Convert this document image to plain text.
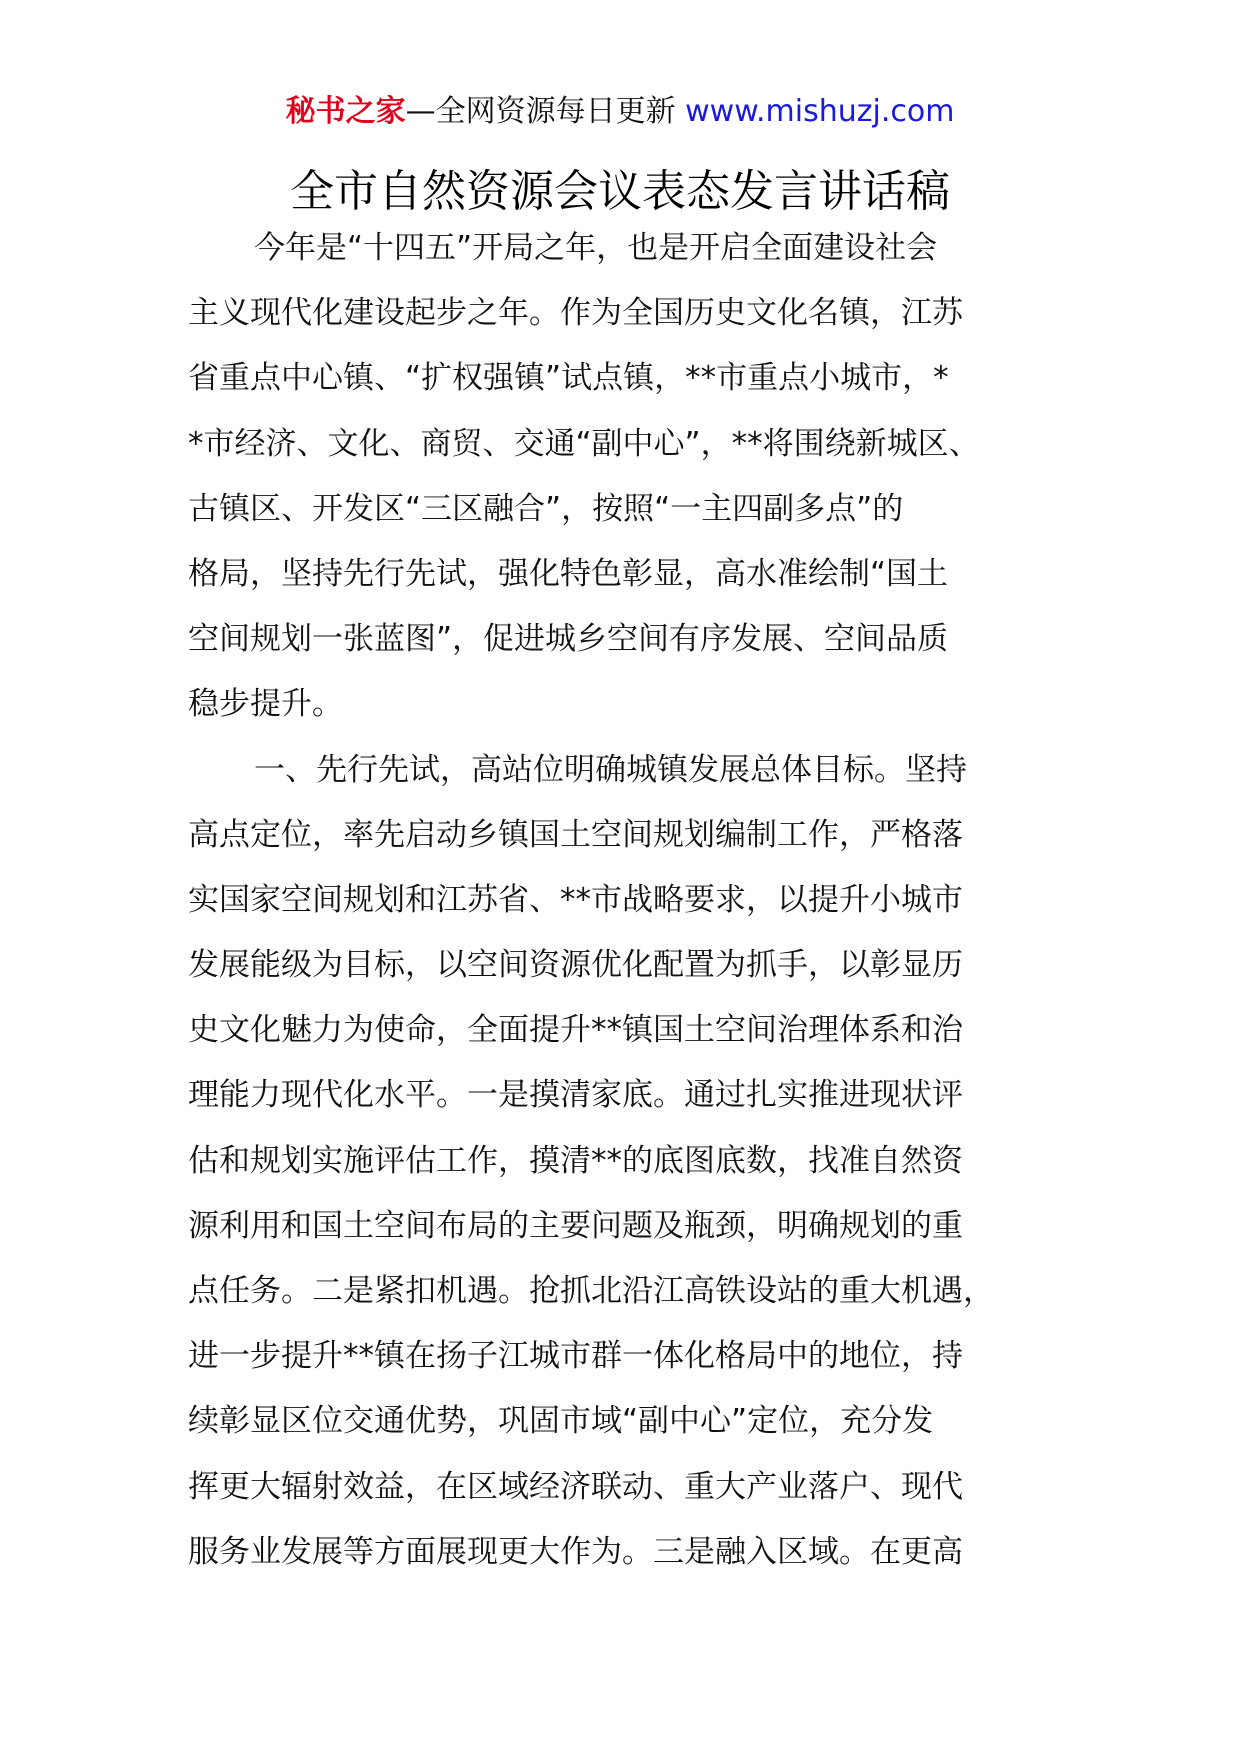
秘书之家—全网资源每日更新 www.mishuzj.com
全市自然资源会议表态发言讲话稿
今年是“十四五”开局之年，也是开启全面建设社会
主义现代化建设起步之年。作为全国历史文化名镇，江苏
省重点中心镇、“扩权强镇”试点镇，**市重点小城市，*
*市经济、文化、商贸、交通“副中心”，**将围绕新城区、
古镇区、开发区“三区融合”，按照“一主四副多点”的
格局，坚持先行先试，强化特色彰显，高水准绘制“国土
空间规划一张蓝图”，促进城乡空间有序发展、空间品质
稳步提升。
一、先行先试，高站位明确城镇发展总体目标。坚持
高点定位，率先启动乡镇国土空间规划编制工作，严格落
实国家空间规划和江苏省、**市战略要求，以提升小城市
发展能级为目标，以空间资源优化配置为抓手，以彰显历
史文化魅力为使命，全面提升**镇国土空间治理体系和治
理能力现代化水平。一是摸清家底。通过扎实推进现状评
估和规划实施评估工作，摸清**的底图底数，找准自然资
源利用和国土空间布局的主要问题及瓶颈，明确规划的重
点任务。二是紧扣机遇。抢抓北沿江高铁设站的重大机遇，
进一步提升**镇在扬子江城市群一体化格局中的地位，持
续彰显区位交通优势，巩固市域“副中心”定位，充分发
挥更大辐射效益，在区域经济联动、重大产业落户、现代
服务业发展等方面展现更大作为。三是融入区域。在更高
